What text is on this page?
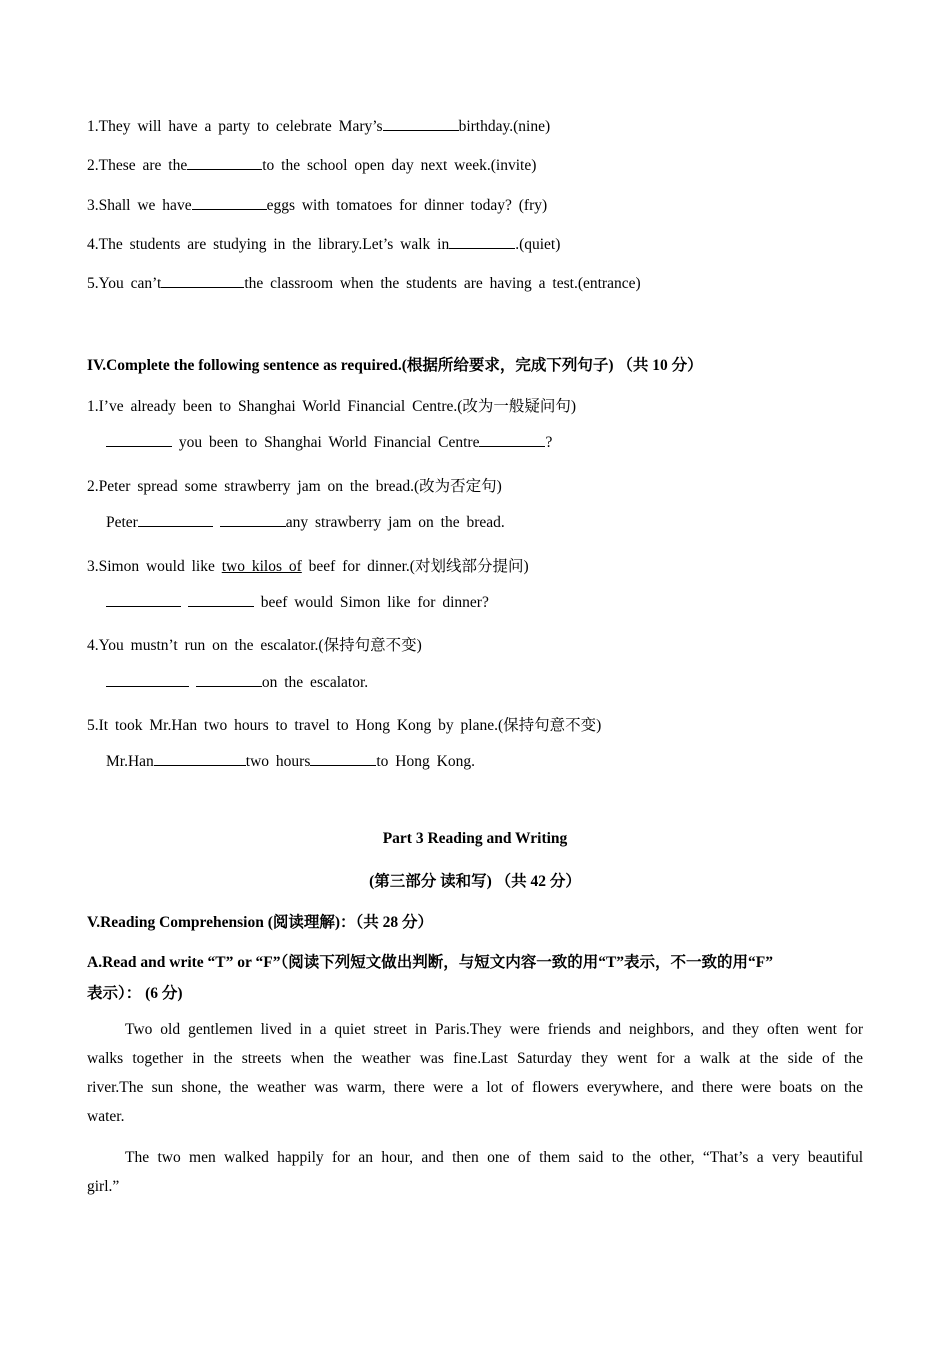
1.They will have a party to celebrate Mary’s	birthday.(nine)
2.These are the	to the school open day next week.(invite)
3.Shall we have	eggs with tomatoes for dinner today? (fry)
4.The students are studying in the library.Let’s walk in	.(quiet)
5.You can’t	the classroom when the students are having a test.(entrance)
IV.Complete the following sentence as required.(根据所给要求，完成下列句子) （共 10 分）
1.I’ve already been to Shanghai World Financial Centre.(改为一般疑问句)
you been to Shanghai World Financial Centre	?
2.Peter spread some strawberry jam on the bread.(改为否定句)
Peter	any strawberry jam on the bread.
3.Simon would like two kilos of beef for dinner.(对划线部分提问)
beef would Simon like for dinner?
4.You mustn’t run on the escalator.(保持句意不变)
on the escalator.
5.It took Mr.Han two hours to travel to Hong Kong by plane.(保持句意不变)
Mr.Han	two hours	to Hong Kong.
Part 3 Reading and Writing
(第三部分 读和写) （共 42 分）
V.Reading Comprehension (阅读理解)：（共 28 分）
A.Read and write “T” or “F”（阅读下列短文做出判断，与短文内容一致的用“T”表示，不一致的用“F”
表示）： (6 分)
Two old gentlemen lived in a quiet street in Paris.They were friends and neighbors, and they often went for walks together in the streets when the weather was fine.Last Saturday they went for a walk at the side of the river.The sun shone, the weather was warm, there were a lot of flowers everywhere, and there were boats on the water.
The two men walked happily for an hour, and then one of them said to the other, “That’s a very beautiful girl.”
